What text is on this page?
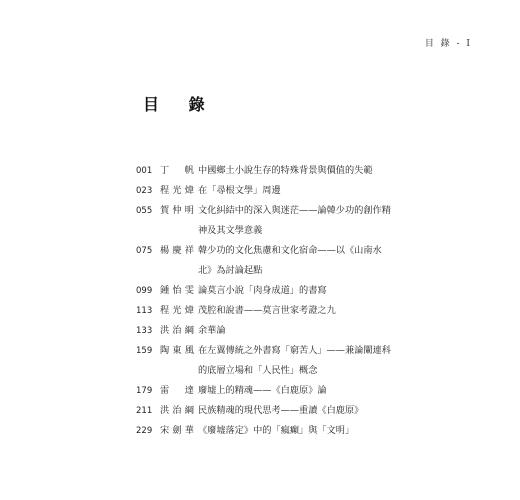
目 錄 - I
目 錄
001 丁　帆 中國鄉土小說生存的特殊背景與價值的失範
023 程光煒 在「尋根文學」周邊
055 賀仲明 文化糾結中的深入與迷茫——論韓少功的創作精
神及其文學意義
075 楊慶祥 韓少功的文化焦慮和文化宿命——以《山南水
北》為討論起點
099 鍾怡雯 論莫言小說「肉身成道」的書寫
113 程光煒 茂腔和說書——莫言世家考證之九
133 洪治綱 余華論
159 陶東風 在左翼傳統之外書寫「窮苦人」——兼論闡連科
的底層立場和「人民性」概念
179 雷　達 廢墟上的精魂——《白鹿原》論
211 洪治綱 民族精魂的現代思考——重讀《白鹿原》
229 宋劍華 《廢墟落定》中的「瘋癲」與「文明」
